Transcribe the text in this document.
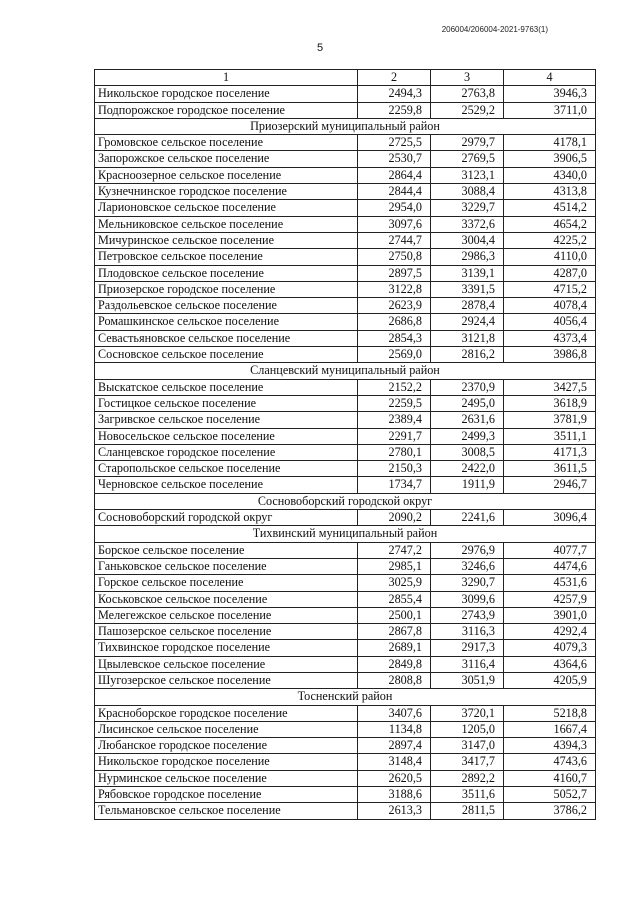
206004/206004-2021-9763(1)
5
1	2	3	4
Никольское городское поселение	2494,3	2763,8	3946,3
Подпорожское городское поселение	2259,8	2529,2	3711,0
Приозерский муниципальный район			
Громовское сельское поселение	2725,5	2979,7	4178,1
Запорожское сельское поселение	2530,7	2769,5	3906,5
Красноозерное сельское поселение	2864,4	3123,1	4340,0
Кузнечнинское городское поселение	2844,4	3088,4	4313,8
Ларионовское сельское поселение	2954,0	3229,7	4514,2
Мельниковское сельское поселение	3097,6	3372,6	4654,2
Мичуринское сельское поселение	2744,7	3004,4	4225,2
Петровское сельское поселение	2750,8	2986,3	4110,0
Плодовское сельское поселение	2897,5	3139,1	4287,0
Приозерское городское поселение	3122,8	3391,5	4715,2
Раздольевское сельское поселение	2623,9	2878,4	4078,4
Ромашкинское сельское поселение	2686,8	2924,4	4056,4
Севастьяновское сельское поселение	2854,3	3121,8	4373,4
Сосновское сельское поселение	2569,0	2816,2	3986,8
Сланцевский муниципальный район			
Выскатское сельское поселение	2152,2	2370,9	3427,5
Гостицкое сельское поселение	2259,5	2495,0	3618,9
Загривское сельское поселение	2389,4	2631,6	3781,9
Новосельское сельское поселение	2291,7	2499,3	3511,1
Сланцевское городское поселение	2780,1	3008,5	4171,3
Старопольское сельское поселение	2150,3	2422,0	3611,5
Черновское сельское поселение	1734,7	1911,9	2946,7
Сосновоборский городской округ			
Сосновоборский городской округ	2090,2	2241,6	3096,4
Тихвинский муниципальный район			
Борское сельское поселение	2747,2	2976,9	4077,7
Ганьковское сельское поселение	2985,1	3246,6	4474,6
Горское сельское поселение	3025,9	3290,7	4531,6
Коськовское сельское поселение	2855,4	3099,6	4257,9
Мелегежское сельское поселение	2500,1	2743,9	3901,0
Пашозерское сельское поселение	2867,8	3116,3	4292,4
Тихвинское городское поселение	2689,1	2917,3	4079,3
Цвылевское сельское поселение	2849,8	3116,4	4364,6
Шугозерское сельское поселение	2808,8	3051,9	4205,9
Тосненский район			
Красноборское городское поселение	3407,6	3720,1	5218,8
Лисинское сельское поселение	1134,8	1205,0	1667,4
Любанское городское поселение	2897,4	3147,0	4394,3
Никольское городское поселение	3148,4	3417,7	4743,6
Нурминское сельское поселение	2620,5	2892,2	4160,7
Рябовское городское поселение	3188,6	3511,6	5052,7
Тельмановское сельское поселение	2613,3	2811,5	3786,2
